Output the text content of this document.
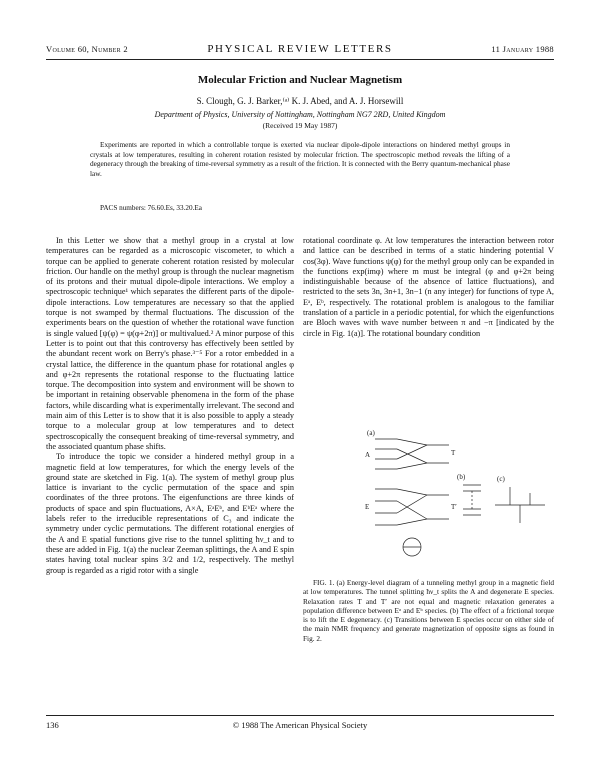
Volume 60, Number 2	PHYSICAL REVIEW LETTERS	11 January 1988
Molecular Friction and Nuclear Magnetism
S. Clough, G. J. Barker,⁽ᵃ⁾ K. J. Abed, and A. J. Horsewill
Department of Physics, University of Nottingham, Nottingham NG7 2RD, United Kingdom
(Received 19 May 1987)
Experiments are reported in which a controllable torque is exerted via nuclear dipole-dipole interactions on hindered methyl groups in crystals at low temperatures, resulting in coherent rotation resisted by molecular friction. The spectroscopic method reveals the lifting of a degeneracy through the breaking of time-reversal symmetry as a result of the friction. It is connected with the Berry quantum-mechanical phase law.
PACS numbers: 76.60.Es, 33.20.Ea

In this Letter we show that a methyl group in a crystal at low temperatures can be regarded as a microscopic viscometer, to which a torque can be applied to generate coherent rotation resisted by molecular friction. Our handle on the methyl group is through the nuclear magnetism of its protons and their mutual dipole-dipole interactions. We employ a spectroscopic technique¹ which separates the different parts of the dipole-dipole interactions. Low temperatures are necessary so that the applied torque is not swamped by thermal fluctuations. The discussion of the experiments bears on the question of whether the rotational wave function is single valued [ψ(φ) = ψ(φ+2π)] or multivalued.² A minor purpose of this Letter is to point out that this controversy has effectively been settled by the abundant recent work on Berry's phase.³⁻⁵ For a rotor embedded in a crystal lattice, the difference in the quantum phase for rotational angles φ and φ+2π represents the rotational response to the fluctuating lattice torque. The decomposition into system and environment will be shown to be important in retaining observable phenomena in the form of the phase factors, while discarding what is experimentally irrelevant. The second and main aim of this Letter is to show that it is also possible to apply a steady torque to a molecular group at low temperatures and to detect spectroscopically the consequent breaking of time-reversal symmetry, and the associated quantum phase shifts.

To introduce the topic we consider a hindered methyl group in a magnetic field at low temperatures, for which the energy levels of the ground state are sketched in Fig. 1(a). The system of methyl group plus lattice is invariant to the cyclic permutation of the space and spin coordinates of the three protons. The eigenfunctions are three kinds of products of space and spin fluctuations, A×A, EᵃEᵇ, and EᵇEᵃ where the labels refer to the irreducible representations of C₃ and indicate the symmetry under cyclic permutations. The different rotational energies of the A and E spatial functions give rise to the tunnel splitting ħν_t and to these are added in Fig. 1(a) the nuclear Zeeman splittings, the A and E spin states having total nuclear spins 3/2 and 1/2, respectively. The methyl group is regarded as a rigid rotor with a single

rotational coordinate φ. At low temperatures the interaction between rotor and lattice can be described in terms of a static hindering potential V cos(3φ). Wave functions ψ(φ) for the methyl group only can be expanded in the functions exp(imφ) where m must be integral (φ and φ+2π being indistinguishable because of the absence of lattice fluctuations), and restricted to the sets 3n, 3n+1, 3n−1 (n any integer) for functions of type A, Eᵃ, Eᵇ, respectively. The rotational problem is analogous to the familiar translation of a particle in a periodic potential, for which the eigenfunctions are Bloch waves with wave number between π and −π [indicated by the circle in Fig. 1(a)]. The rotational boundary condition

(a)
(b)	(c)
A
E
T
T′
FIG. 1. (a) Energy-level diagram of a tunneling methyl group in a magnetic field at low temperatures. The tunnel splitting ħν_t splits the A and degenerate E species. Relaxation rates T and T′ are not equal and magnetic relaxation generates a population difference between Eᵃ and Eᵇ species. (b) The effect of a frictional torque is to lift the E degeneracy. (c) Transitions between E species occur on either side of the main NMR frequency and generate magnetization of opposite signs as found in Fig. 2.
136	© 1988 The American Physical Society
